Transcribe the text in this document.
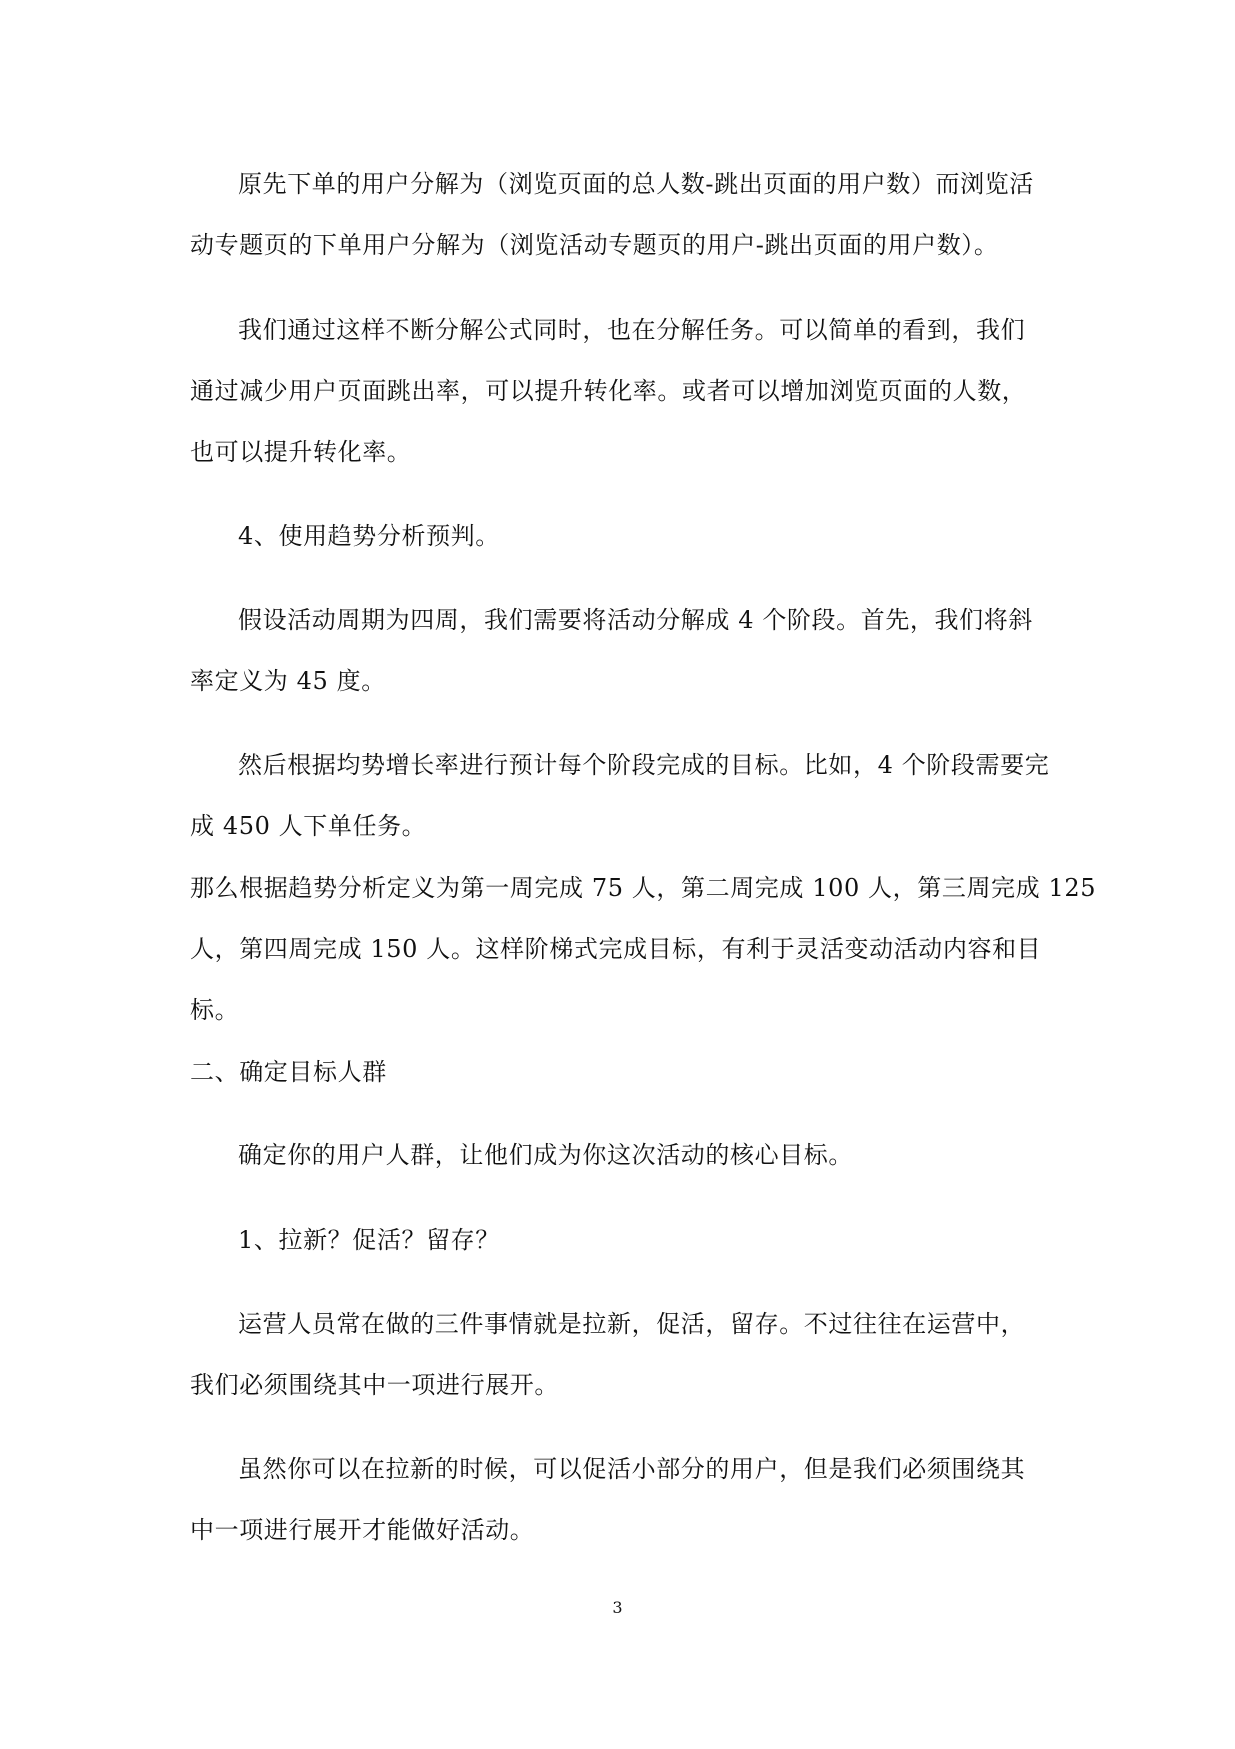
原先下单的用户分解为（浏览页面的总人数-跳出页面的用户数）而浏览活
动专题页的下单用户分解为（浏览活动专题页的用户-跳出页面的用户数）。
我们通过这样不断分解公式同时，也在分解任务。可以简单的看到，我们
通过减少用户页面跳出率，可以提升转化率。或者可以增加浏览页面的人数，
也可以提升转化率。
4、使用趋势分析预判。
假设活动周期为四周，我们需要将活动分解成 4 个阶段。首先，我们将斜
率定义为 45 度。
然后根据均势增长率进行预计每个阶段完成的目标。比如，4 个阶段需要完
成 450 人下单任务。
那么根据趋势分析定义为第一周完成 75 人，第二周完成 100 人，第三周完成 125
人，第四周完成 150 人。这样阶梯式完成目标，有利于灵活变动活动内容和目
标。
二、确定目标人群
确定你的用户人群，让他们成为你这次活动的核心目标。
1、拉新？促活？留存？
运营人员常在做的三件事情就是拉新，促活，留存。不过往往在运营中，
我们必须围绕其中一项进行展开。
虽然你可以在拉新的时候，可以促活小部分的用户，但是我们必须围绕其
中一项进行展开才能做好活动。
3
